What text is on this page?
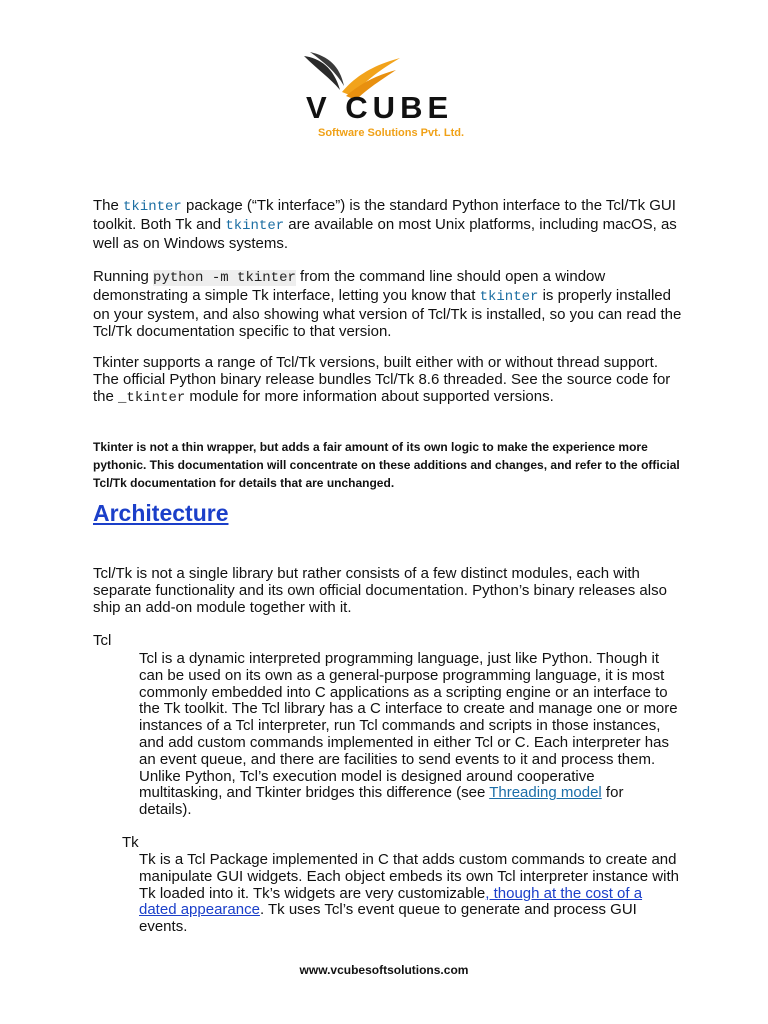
V CUBE
Software Solutions Pvt. Ltd.
The tkinter package (“Tk interface”) is the standard Python interface to the Tcl/Tk GUI toolkit. Both Tk and tkinter are available on most Unix platforms, including macOS, as well as on Windows systems.
Running python -m tkinter from the command line should open a window demonstrating a simple Tk interface, letting you know that tkinter is properly installed on your system, and also showing what version of Tcl/Tk is installed, so you can read the Tcl/Tk documentation specific to that version.
Tkinter supports a range of Tcl/Tk versions, built either with or without thread support. The official Python binary release bundles Tcl/Tk 8.6 threaded. See the source code for the _tkinter module for more information about supported versions.
Tkinter is not a thin wrapper, but adds a fair amount of its own logic to make the experience more pythonic. This documentation will concentrate on these additions and changes, and refer to the official Tcl/Tk documentation for details that are unchanged.
Architecture
Tcl/Tk is not a single library but rather consists of a few distinct modules, each with separate functionality and its own official documentation. Python’s binary releases also ship an add-on module together with it.
Tcl
Tcl is a dynamic interpreted programming language, just like Python. Though it can be used on its own as a general-purpose programming language, it is most commonly embedded into C applications as a scripting engine or an interface to the Tk toolkit. The Tcl library has a C interface to create and manage one or more instances of a Tcl interpreter, run Tcl commands and scripts in those instances, and add custom commands implemented in either Tcl or C. Each interpreter has an event queue, and there are facilities to send events to it and process them. Unlike Python, Tcl’s execution model is designed around cooperative multitasking, and Tkinter bridges this difference (see Threading model for details).
Tk
Tk is a Tcl Package implemented in C that adds custom commands to create and manipulate GUI widgets. Each object embeds its own Tcl interpreter instance with Tk loaded into it. Tk’s widgets are very customizable, though at the cost of a dated appearance. Tk uses Tcl’s event queue to generate and process GUI events.
www.vcubesoftsolutions.com
